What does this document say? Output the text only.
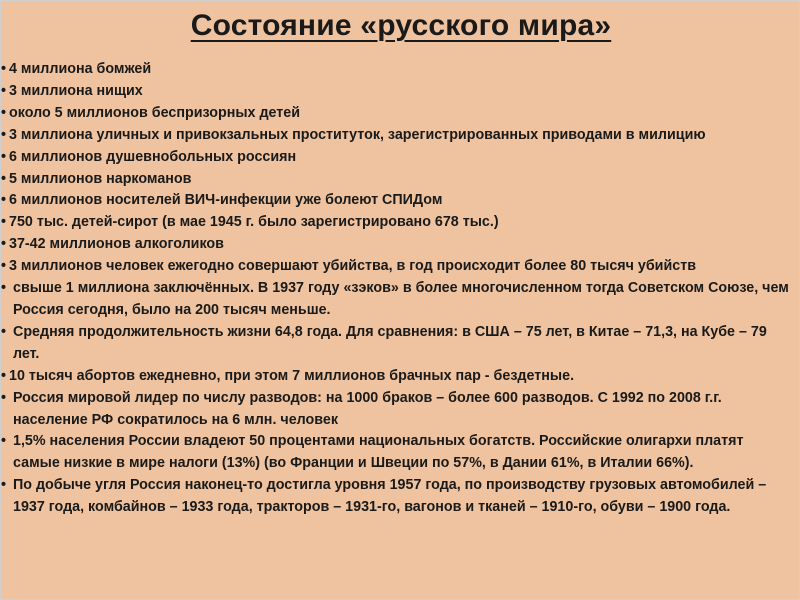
Состояние «русского мира»
• 4 миллиона бомжей
• 3 миллиона нищих
• около 5 миллионов беспризорных детей
• 3 миллиона уличных и привокзальных проституток, зарегистрированных приводами в милицию
• 6 миллионов душевнобольных россиян
• 5 миллионов наркоманов
• 6 миллионов носителей ВИЧ-инфекции уже болеют СПИДом
• 750 тыс. детей-сирот (в мае 1945 г. было зарегистрировано 678 тыс.)
• 37-42 миллионов алкоголиков
• 3 миллионов человек ежегодно совершают убийства, в год происходит более 80 тысяч убийств
• свыше 1 миллиона заключённых. В 1937 году «зэков» в более многочисленном тогда Советском Союзе, чем Россия сегодня, было на 200 тысяч меньше.
• Средняя продолжительность жизни 64,8 года. Для сравнения: в США – 75 лет, в Китае – 71,3, на Кубе – 79 лет.
• 10 тысяч абортов ежедневно, при этом 7 миллионов брачных пар - бездетные.
• Россия мировой лидер по числу разводов: на 1000 браков – более 600 разводов. С 1992 по 2008 г.г. население РФ сократилось на 6 млн. человек
• 1,5% населения России владеют 50 процентами национальных богатств. Российские олигархи платят самые низкие в мире налоги (13%) (во Франции и Швеции по 57%, в Дании 61%, в Италии 66%).
• По добыче угля Россия наконец-то достигла уровня 1957 года, по производству грузовых автомобилей – 1937 года, комбайнов – 1933 года, тракторов – 1931-го, вагонов и тканей – 1910-го, обуви – 1900 года.
